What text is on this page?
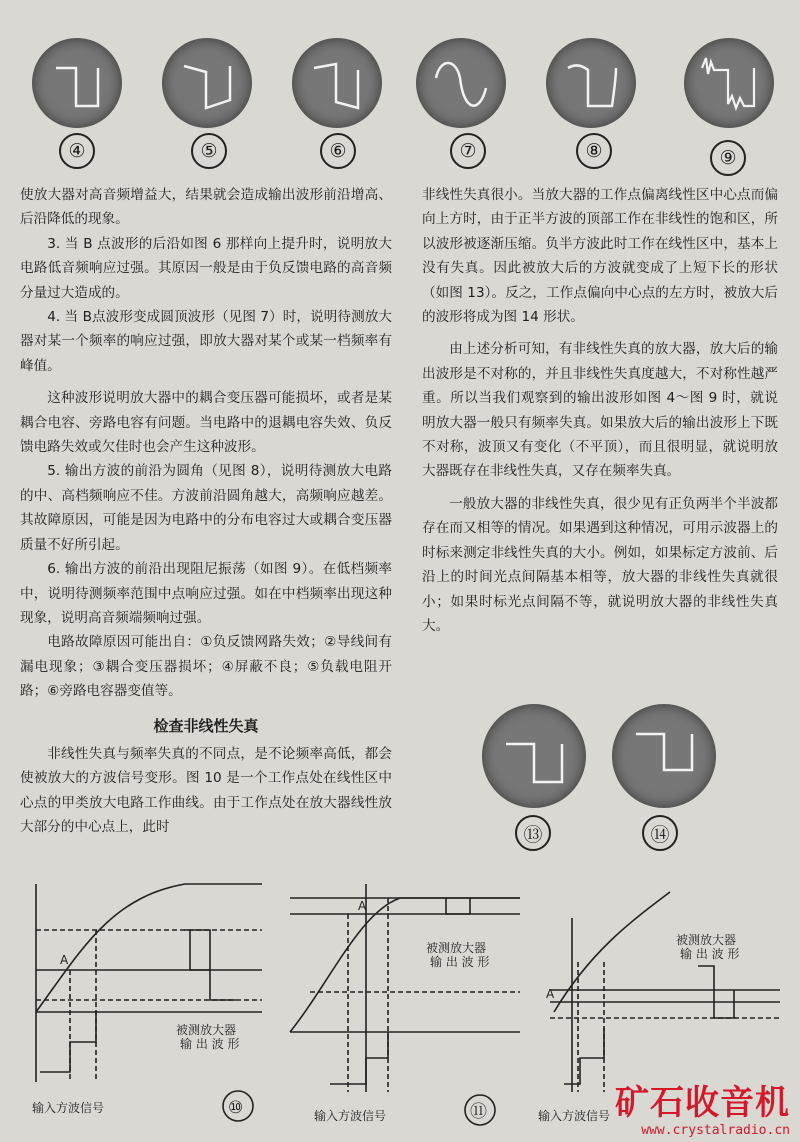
④	⑤	⑥	⑦	⑧	⑨

使放大器对高音频增益大，结果就会造成输出波形前沿增高、后沿降低的现象。

3. 当 B 点波形的后沿如图 6 那样向上提升时，说明放大电路低音频响应过强。其原因一般是由于负反馈电路的高音频分量过大造成的。

4. 当 B点波形变成圆顶波形（见图 7）时，说明待测放大器对某一个频率的响应过强，即放大器对某个或某一档频率有峰值。

这种波形说明放大器中的耦合变压器可能损坏，或者是某耦合电容、旁路电容有问题。当电路中的退耦电容失效、负反馈电路失效或欠佳时也会产生这种波形。

5. 输出方波的前沿为圆角（见图 8），说明待测放大电路的中、高档频响应不佳。方波前沿圆角越大，高频响应越差。其故障原因，可能是因为电路中的分布电容过大或耦合变压器质量不好所引起。

6. 输出方波的前沿出现阻尼振荡（如图 9）。在低档频率中，说明待测频率范围中点响应过强。如在中档频率出现这种现象，说明高音频端频响过强。

电路故障原因可能出自：①负反馈网路失效；②导线间有漏电现象；③耦合变压器损坏；④屏蔽不良；⑤负载电阻开路；⑥旁路电容器变值等。

检查非线性失真

非线性失真与频率失真的不同点，是不论频率高低，都会使被放大的方波信号变形。图 10 是一个工作点处在线性区中心点的甲类放大电路工作曲线。由于工作点处在放大器线性放大部分的中心点上，此时

非线性失真很小。当放大器的工作点偏离线性区中心点而偏向上方时，由于正半方波的顶部工作在非线性的饱和区，所以波形被逐渐压缩。负半方波此时工作在线性区中，基本上没有失真。因此被放大后的方波就变成了上短下长的形状（如图 13）。反之，工作点偏向中心点的左方时，被放大后的波形将成为图 14 形状。

由上述分析可知，有非线性失真的放大器，放大后的输出波形是不对称的，并且非线性失真度越大，不对称性越严重。所以当我们观察到的输出波形如图 4～图 9 时，就说明放大器一般只有频率失真。如果放大后的输出波形上下既不对称，波顶又有变化（不平顶），而且很明显，就说明放大器既存在非线性失真，又存在频率失真。

一般放大器的非线性失真，很少见有正负两半个半波都存在而又相等的情况。如果遇到这种情况，可用示波器上的时标来测定非线性失真的大小。例如，如果标定方波前、后沿上的时间光点间隔基本相等，放大器的非线性失真就很小；如果时标光点间隔不等，就说明放大器的非线性失真大。

⑬	⑭
A
被测放大器
输 出 波 形
输入方波信号	⑩
A
被测放大器
输 出 波 形
输入方波信号	⑪
A
被测放大器
输 出 波 形
输入方波信号 矿石收音机
www.crystalradio.cn
